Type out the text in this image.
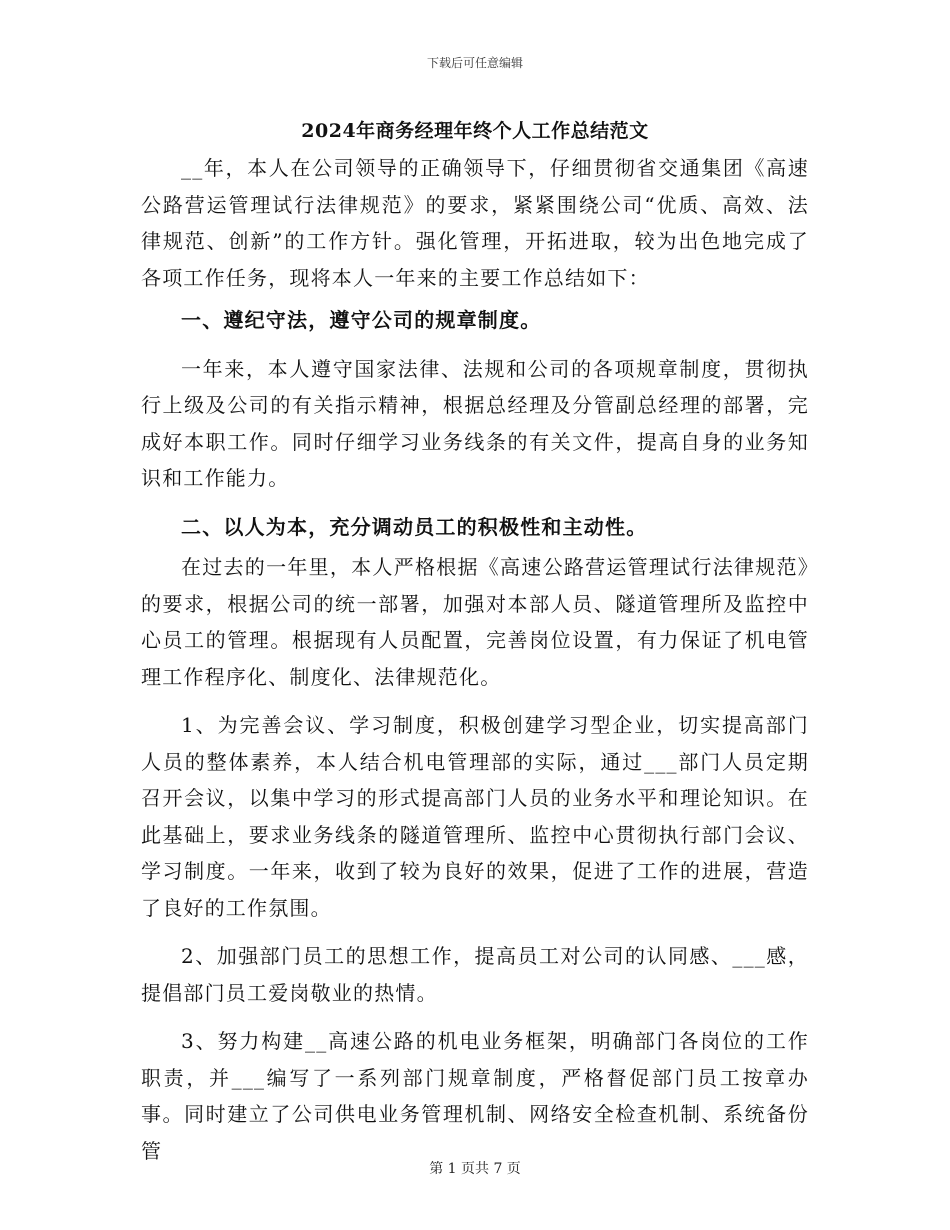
下载后可任意编辑
2024年商务经理年终个人工作总结范文

__年，本人在公司领导的正确领导下，仔细贯彻省交通集团《高速公路营运管理试行法律规范》的要求，紧紧围绕公司“优质、高效、法律规范、创新”的工作方针。强化管理，开拓进取，较为出色地完成了各项工作任务，现将本人一年来的主要工作总结如下：

一、遵纪守法，遵守公司的规章制度。

一年来，本人遵守国家法律、法规和公司的各项规章制度，贯彻执行上级及公司的有关指示精神，根据总经理及分管副总经理的部署，完成好本职工作。同时仔细学习业务线条的有关文件，提高自身的业务知识和工作能力。

二、以人为本，充分调动员工的积极性和主动性。

在过去的一年里，本人严格根据《高速公路营运管理试行法律规范》的要求，根据公司的统一部署，加强对本部人员、隧道管理所及监控中心员工的管理。根据现有人员配置，完善岗位设置，有力保证了机电管理工作程序化、制度化、法律规范化。

1、为完善会议、学习制度，积极创建学习型企业，切实提高部门人员的整体素养，本人结合机电管理部的实际，通过___部门人员定期召开会议，以集中学习的形式提高部门人员的业务水平和理论知识。在此基础上，要求业务线条的隧道管理所、监控中心贯彻执行部门会议、学习制度。一年来，收到了较为良好的效果，促进了工作的进展，营造了良好的工作氛围。

2、加强部门员工的思想工作，提高员工对公司的认同感、___感，提倡部门员工爱岗敬业的热情。

3、努力构建__高速公路的机电业务框架，明确部门各岗位的工作职责，并___编写了一系列部门规章制度，严格督促部门员工按章办事。同时建立了公司供电业务管理机制、网络安全检查机制、系统备份管

第 1 页共 7 页
